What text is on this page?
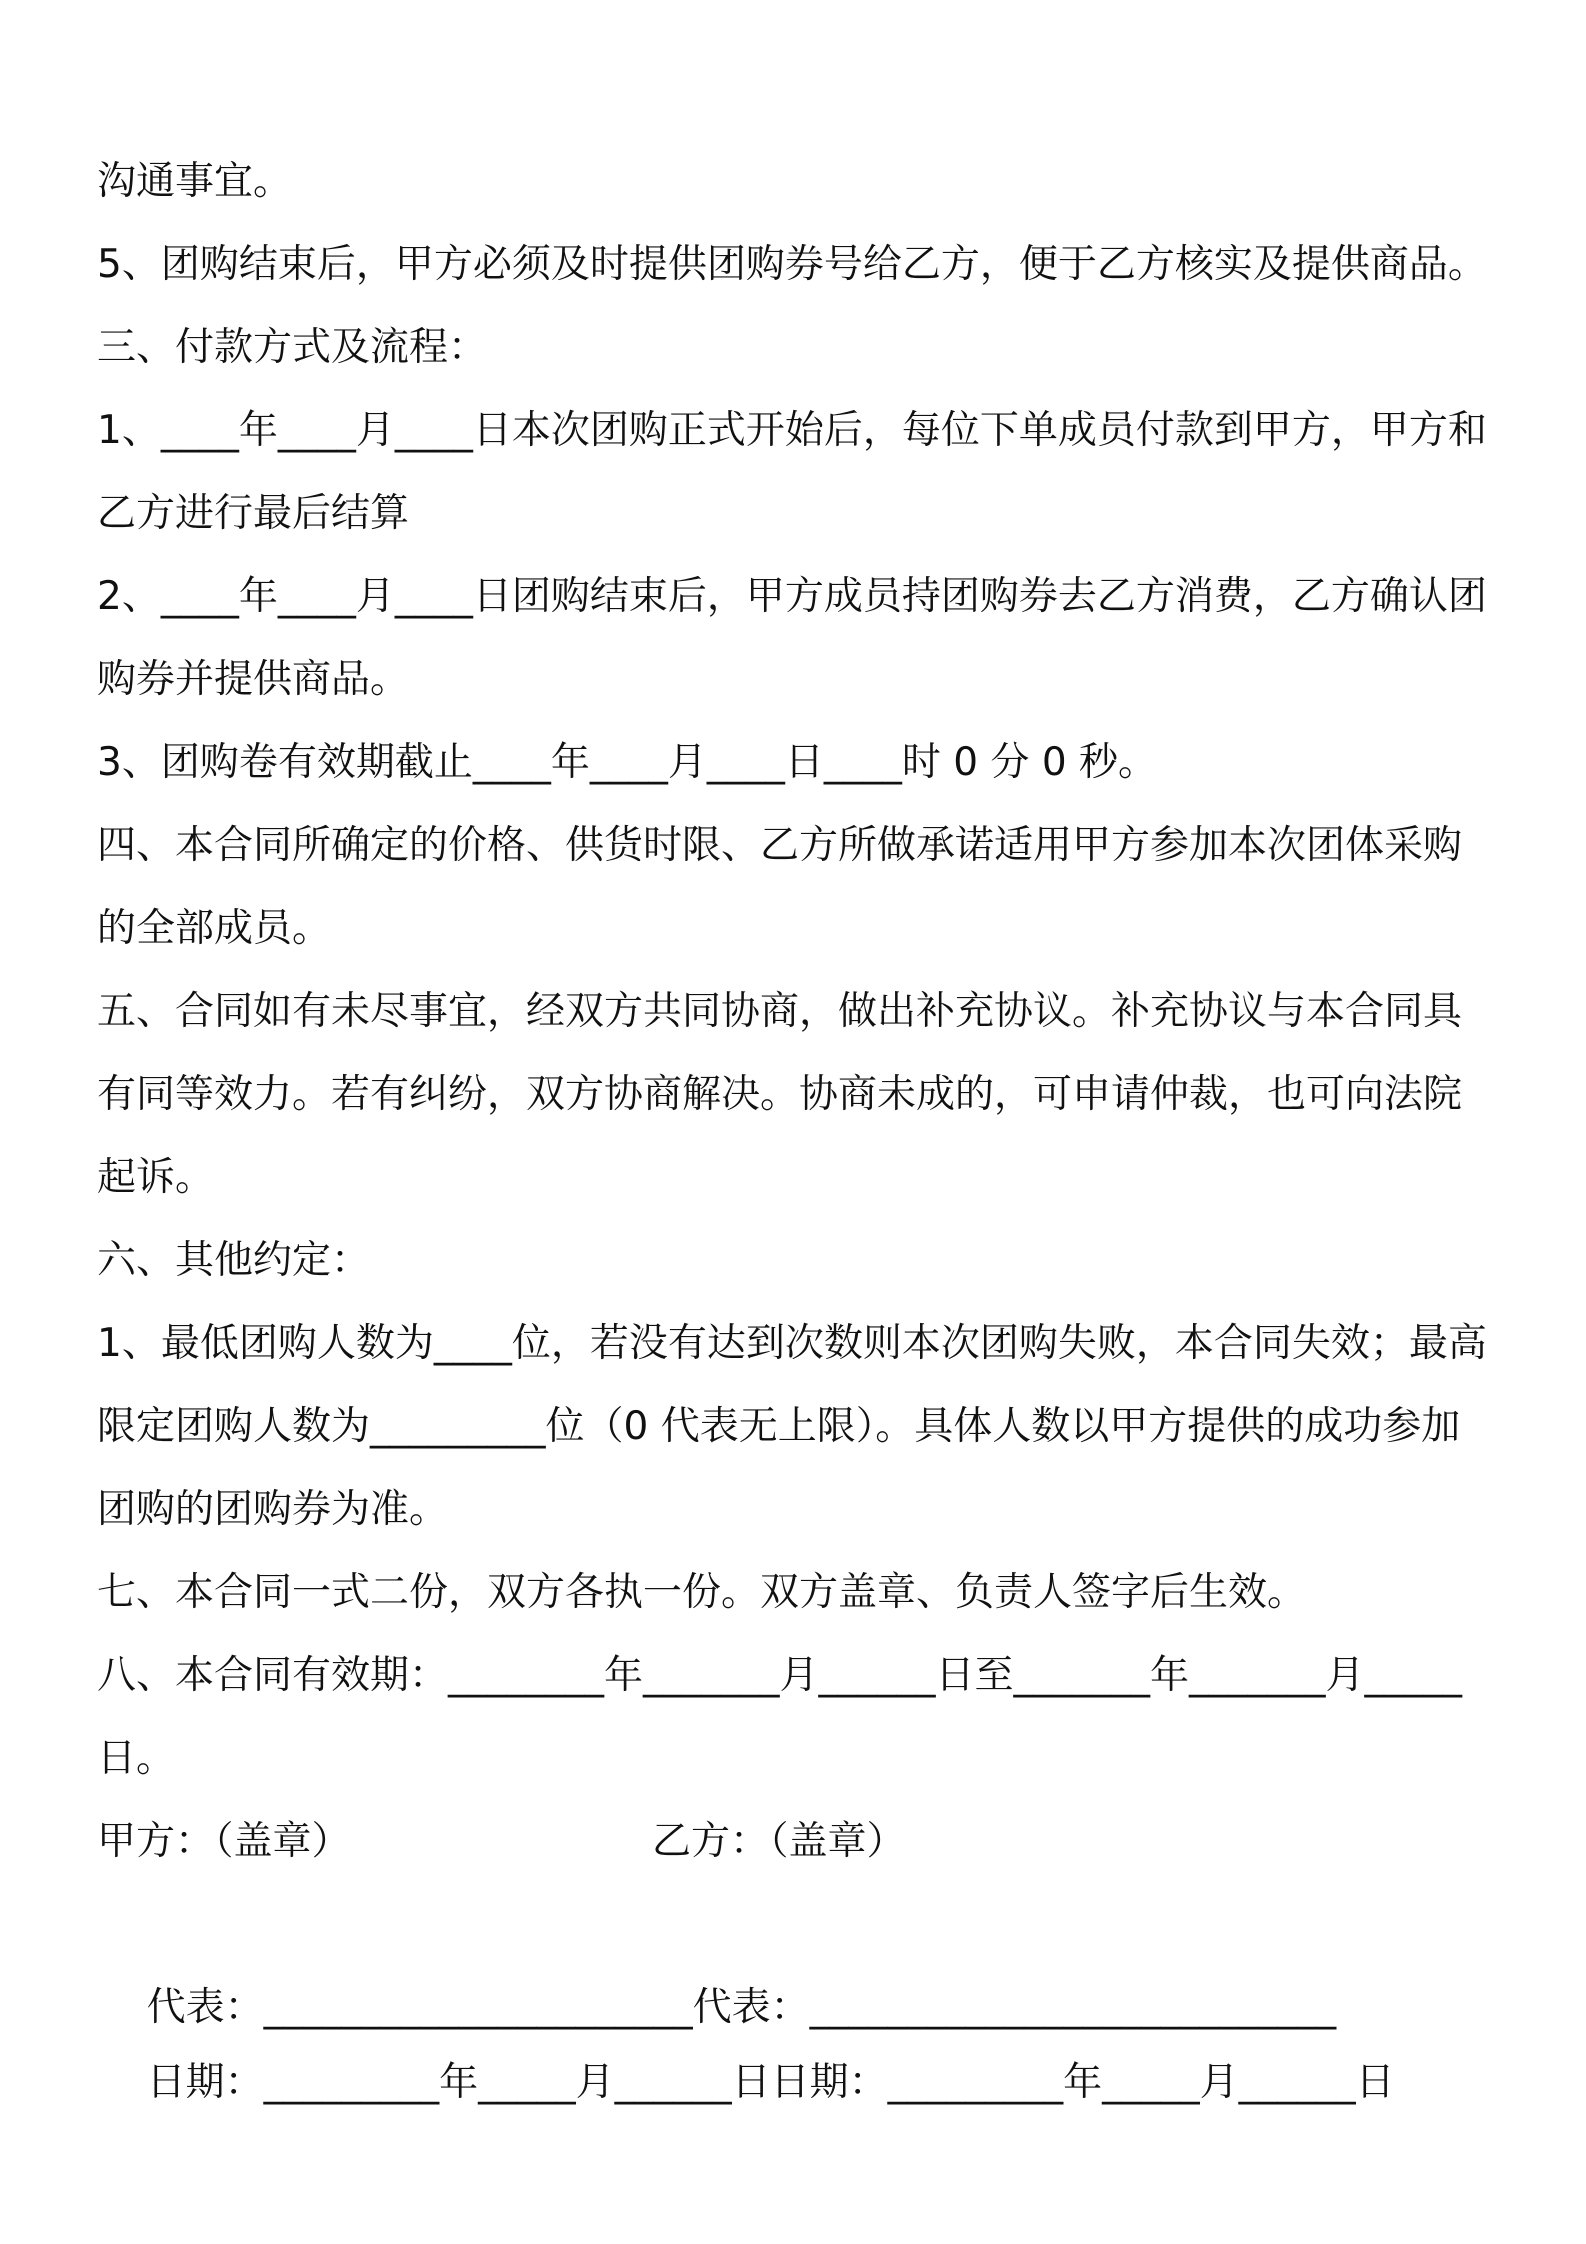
沟通事宜。

5、团购结束后，甲方必须及时提供团购券号给乙方，便于乙方核实及提供商品。

三、付款方式及流程：

1、____年____月____日本次团购正式开始后，每位下单成员付款到甲方，甲方和乙方进行最后结算

2、____年____月____日团购结束后，甲方成员持团购券去乙方消费，乙方确认团购券并提供商品。

3、团购卷有效期截止____年____月____日____时 0 分 0 秒。

四、本合同所确定的价格、供货时限、乙方所做承诺适用甲方参加本次团体采购的全部成员。

五、合同如有未尽事宜，经双方共同协商，做出补充协议。补充协议与本合同具有同等效力。若有纠纷，双方协商解决。协商未成的，可申请仲裁，也可向法院起诉。

六、其他约定：

1、最低团购人数为____位，若没有达到次数则本次团购失败，本合同失效；最高限定团购人数为_________位（0 代表无上限）。具体人数以甲方提供的成功参加团购的团购券为准。

七、本合同一式二份，双方各执一份。双方盖章、负责人签字后生效。

八、本合同有效期：________年_______月______日至_______年_______月_____日。

甲方：（盖章）

	乙方：（盖章）

代表：______________________代表：___________________________

日期：_________年_____月______日日期：_________年_____月______日
